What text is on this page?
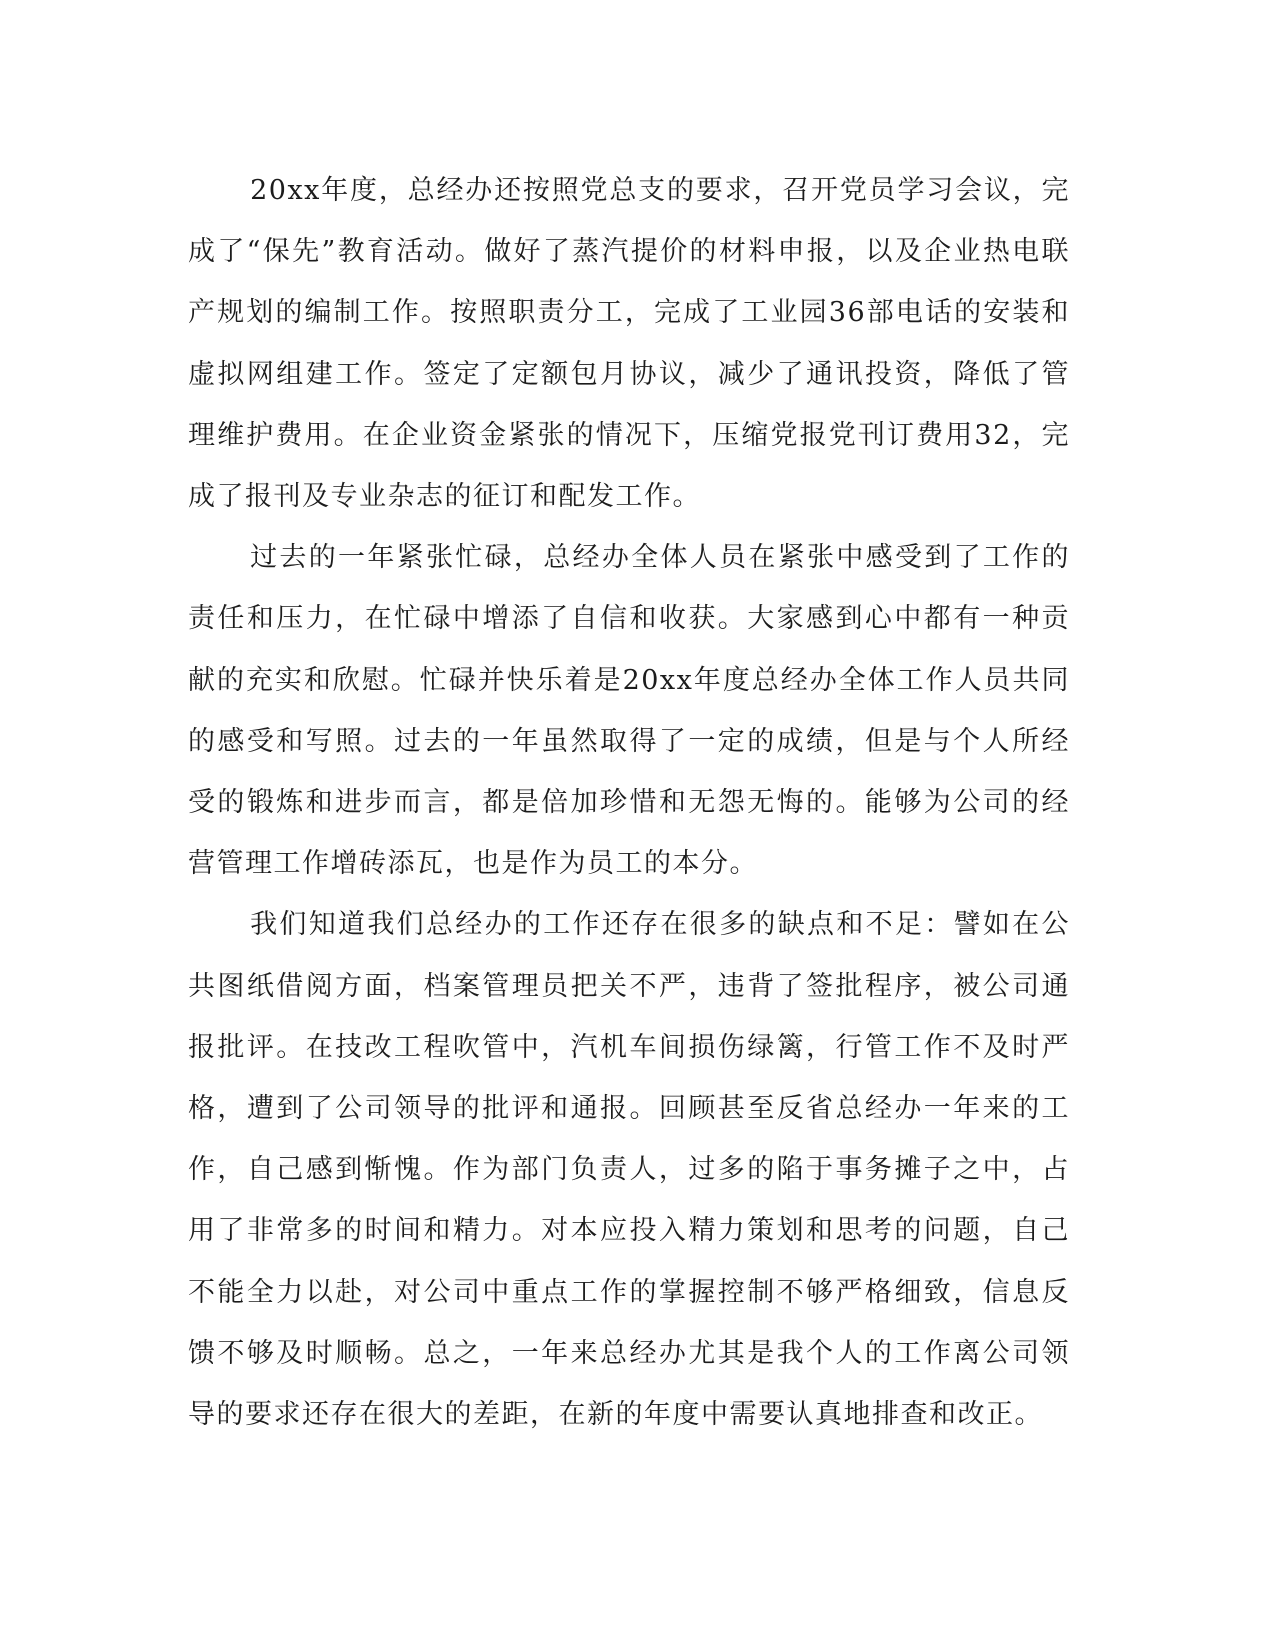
20xx年度，总经办还按照党总支的要求，召开党员学习会议，完成了“保先”教育活动。做好了蒸汽提价的材料申报，以及企业热电联产规划的编制工作。按照职责分工，完成了工业园36部电话的安装和虚拟网组建工作。签定了定额包月协议，减少了通讯投资，降低了管理维护费用。在企业资金紧张的情况下，压缩党报党刊订费用32，完成了报刊及专业杂志的征订和配发工作。

过去的一年紧张忙碌，总经办全体人员在紧张中感受到了工作的责任和压力，在忙碌中增添了自信和收获。大家感到心中都有一种贡献的充实和欣慰。忙碌并快乐着是20xx年度总经办全体工作人员共同的感受和写照。过去的一年虽然取得了一定的成绩，但是与个人所经受的锻炼和进步而言，都是倍加珍惜和无怨无悔的。能够为公司的经营管理工作增砖添瓦，也是作为员工的本分。

我们知道我们总经办的工作还存在很多的缺点和不足：譬如在公共图纸借阅方面，档案管理员把关不严，违背了签批程序，被公司通报批评。在技改工程吹管中，汽机车间损伤绿篱，行管工作不及时严格，遭到了公司领导的批评和通报。回顾甚至反省总经办一年来的工作，自己感到惭愧。作为部门负责人，过多的陷于事务摊子之中，占用了非常多的时间和精力。对本应投入精力策划和思考的问题，自己不能全力以赴，对公司中重点工作的掌握控制不够严格细致，信息反馈不够及时顺畅。总之，一年来总经办尤其是我个人的工作离公司领导的要求还存在很大的差距，在新的年度中需要认真地排查和改正。
